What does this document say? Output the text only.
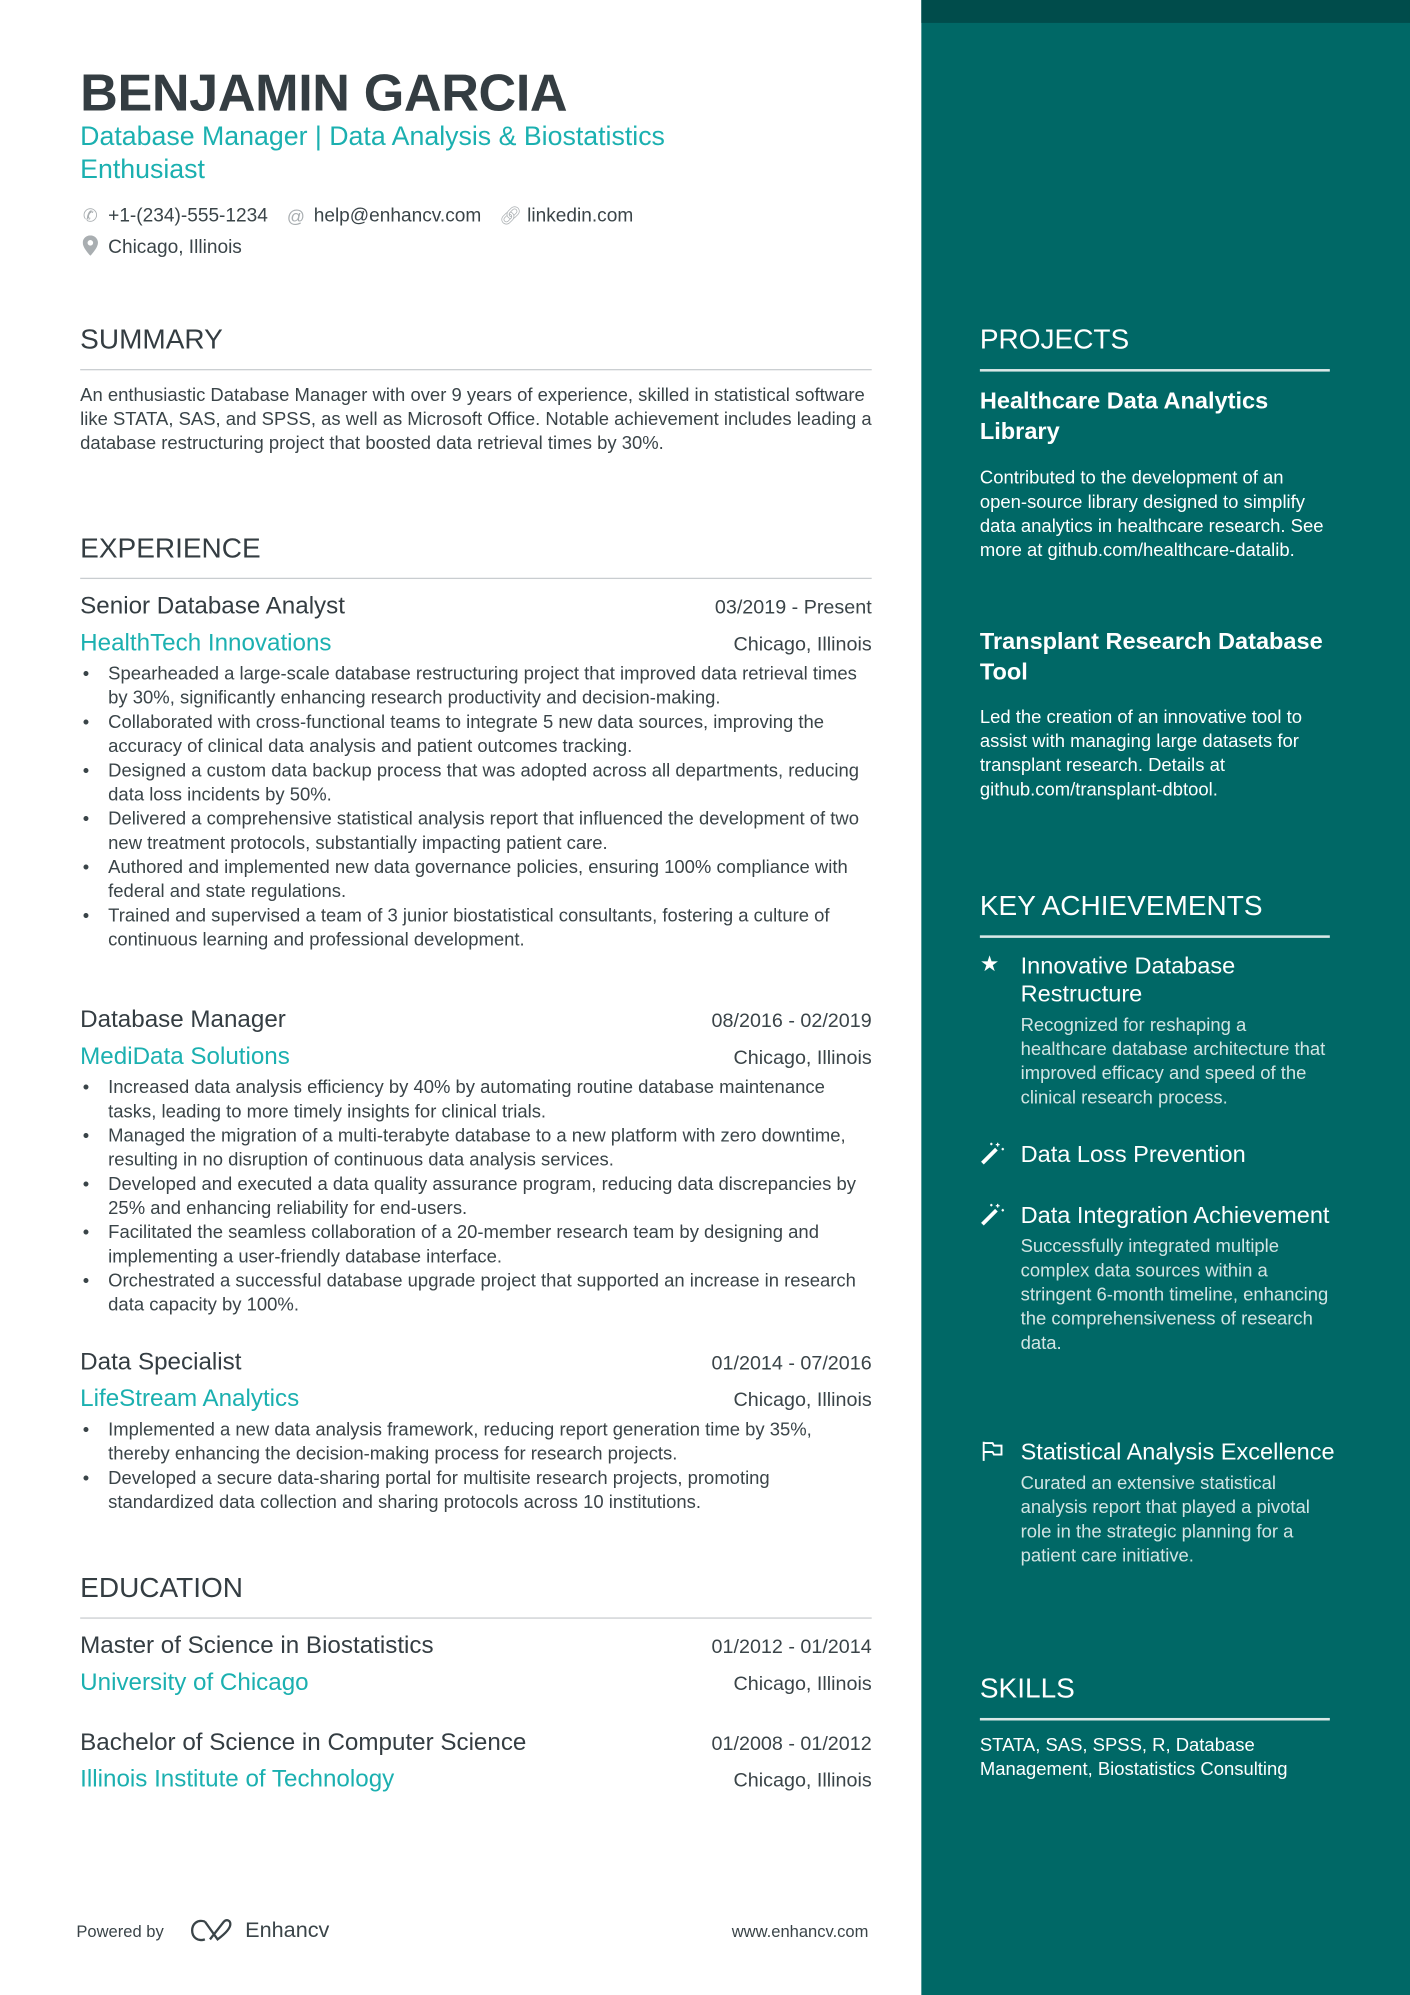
BENJAMIN GARCIA
Database Manager | Data Analysis & Biostatistics Enthusiast
✆ +1-(234)-555-1234 @ help@enhancv.com 🔗︎ linkedin.com
Chicago, Illinois
SUMMARY
An enthusiastic Database Manager with over 9 years of experience, skilled in statistical software like STATA, SAS, and SPSS, as well as Microsoft Office. Notable achievement includes leading a database restructuring project that boosted data retrieval times by 30%.
EXPERIENCE
Senior Database Analyst	03/2019 - Present
HealthTech Innovations	Chicago, Illinois
• Spearheaded a large-scale database restructuring project that improved data retrieval times by 30%, significantly enhancing research productivity and decision-making.
• Collaborated with cross-functional teams to integrate 5 new data sources, improving the accuracy of clinical data analysis and patient outcomes tracking.
• Designed a custom data backup process that was adopted across all departments, reducing data loss incidents by 50%.
• Delivered a comprehensive statistical analysis report that influenced the development of two new treatment protocols, substantially impacting patient care.
• Authored and implemented new data governance policies, ensuring 100% compliance with federal and state regulations.
• Trained and supervised a team of 3 junior biostatistical consultants, fostering a culture of continuous learning and professional development.
Database Manager	08/2016 - 02/2019
MediData Solutions	Chicago, Illinois
• Increased data analysis efficiency by 40% by automating routine database maintenance tasks, leading to more timely insights for clinical trials.
• Managed the migration of a multi-terabyte database to a new platform with zero downtime, resulting in no disruption of continuous data analysis services.
• Developed and executed a data quality assurance program, reducing data discrepancies by 25% and enhancing reliability for end-users.
• Facilitated the seamless collaboration of a 20-member research team by designing and implementing a user-friendly database interface.
• Orchestrated a successful database upgrade project that supported an increase in research data capacity by 100%.
Data Specialist	01/2014 - 07/2016
LifeStream Analytics	Chicago, Illinois
• Implemented a new data analysis framework, reducing report generation time by 35%, thereby enhancing the decision-making process for research projects.
• Developed a secure data-sharing portal for multisite research projects, promoting standardized data collection and sharing protocols across 10 institutions.
EDUCATION
Master of Science in Biostatistics	01/2012 - 01/2014
University of Chicago	Chicago, Illinois
Bachelor of Science in Computer Science	01/2008 - 01/2012
Illinois Institute of Technology	Chicago, Illinois
Powered by	Enhancv	www.enhancv.com
PROJECTS
Healthcare Data Analytics Library
Contributed to the development of an open-source library designed to simplify data analytics in healthcare research. See more at github.com/healthcare-datalib.
Transplant Research Database Tool
Led the creation of an innovative tool to assist with managing large datasets for transplant research. Details at github.com/transplant-dbtool.
KEY ACHIEVEMENTS
★	Innovative Database Restructure
Recognized for reshaping a healthcare database architecture that improved efficacy and speed of the clinical research process.
Data Loss Prevention
Data Integration Achievement
Successfully integrated multiple complex data sources within a stringent 6-month timeline, enhancing the comprehensiveness of research data.
Statistical Analysis Excellence
Curated an extensive statistical analysis report that played a pivotal role in the strategic planning for a patient care initiative.
SKILLS
STATA, SAS, SPSS, R, Database Management, Biostatistics Consulting
